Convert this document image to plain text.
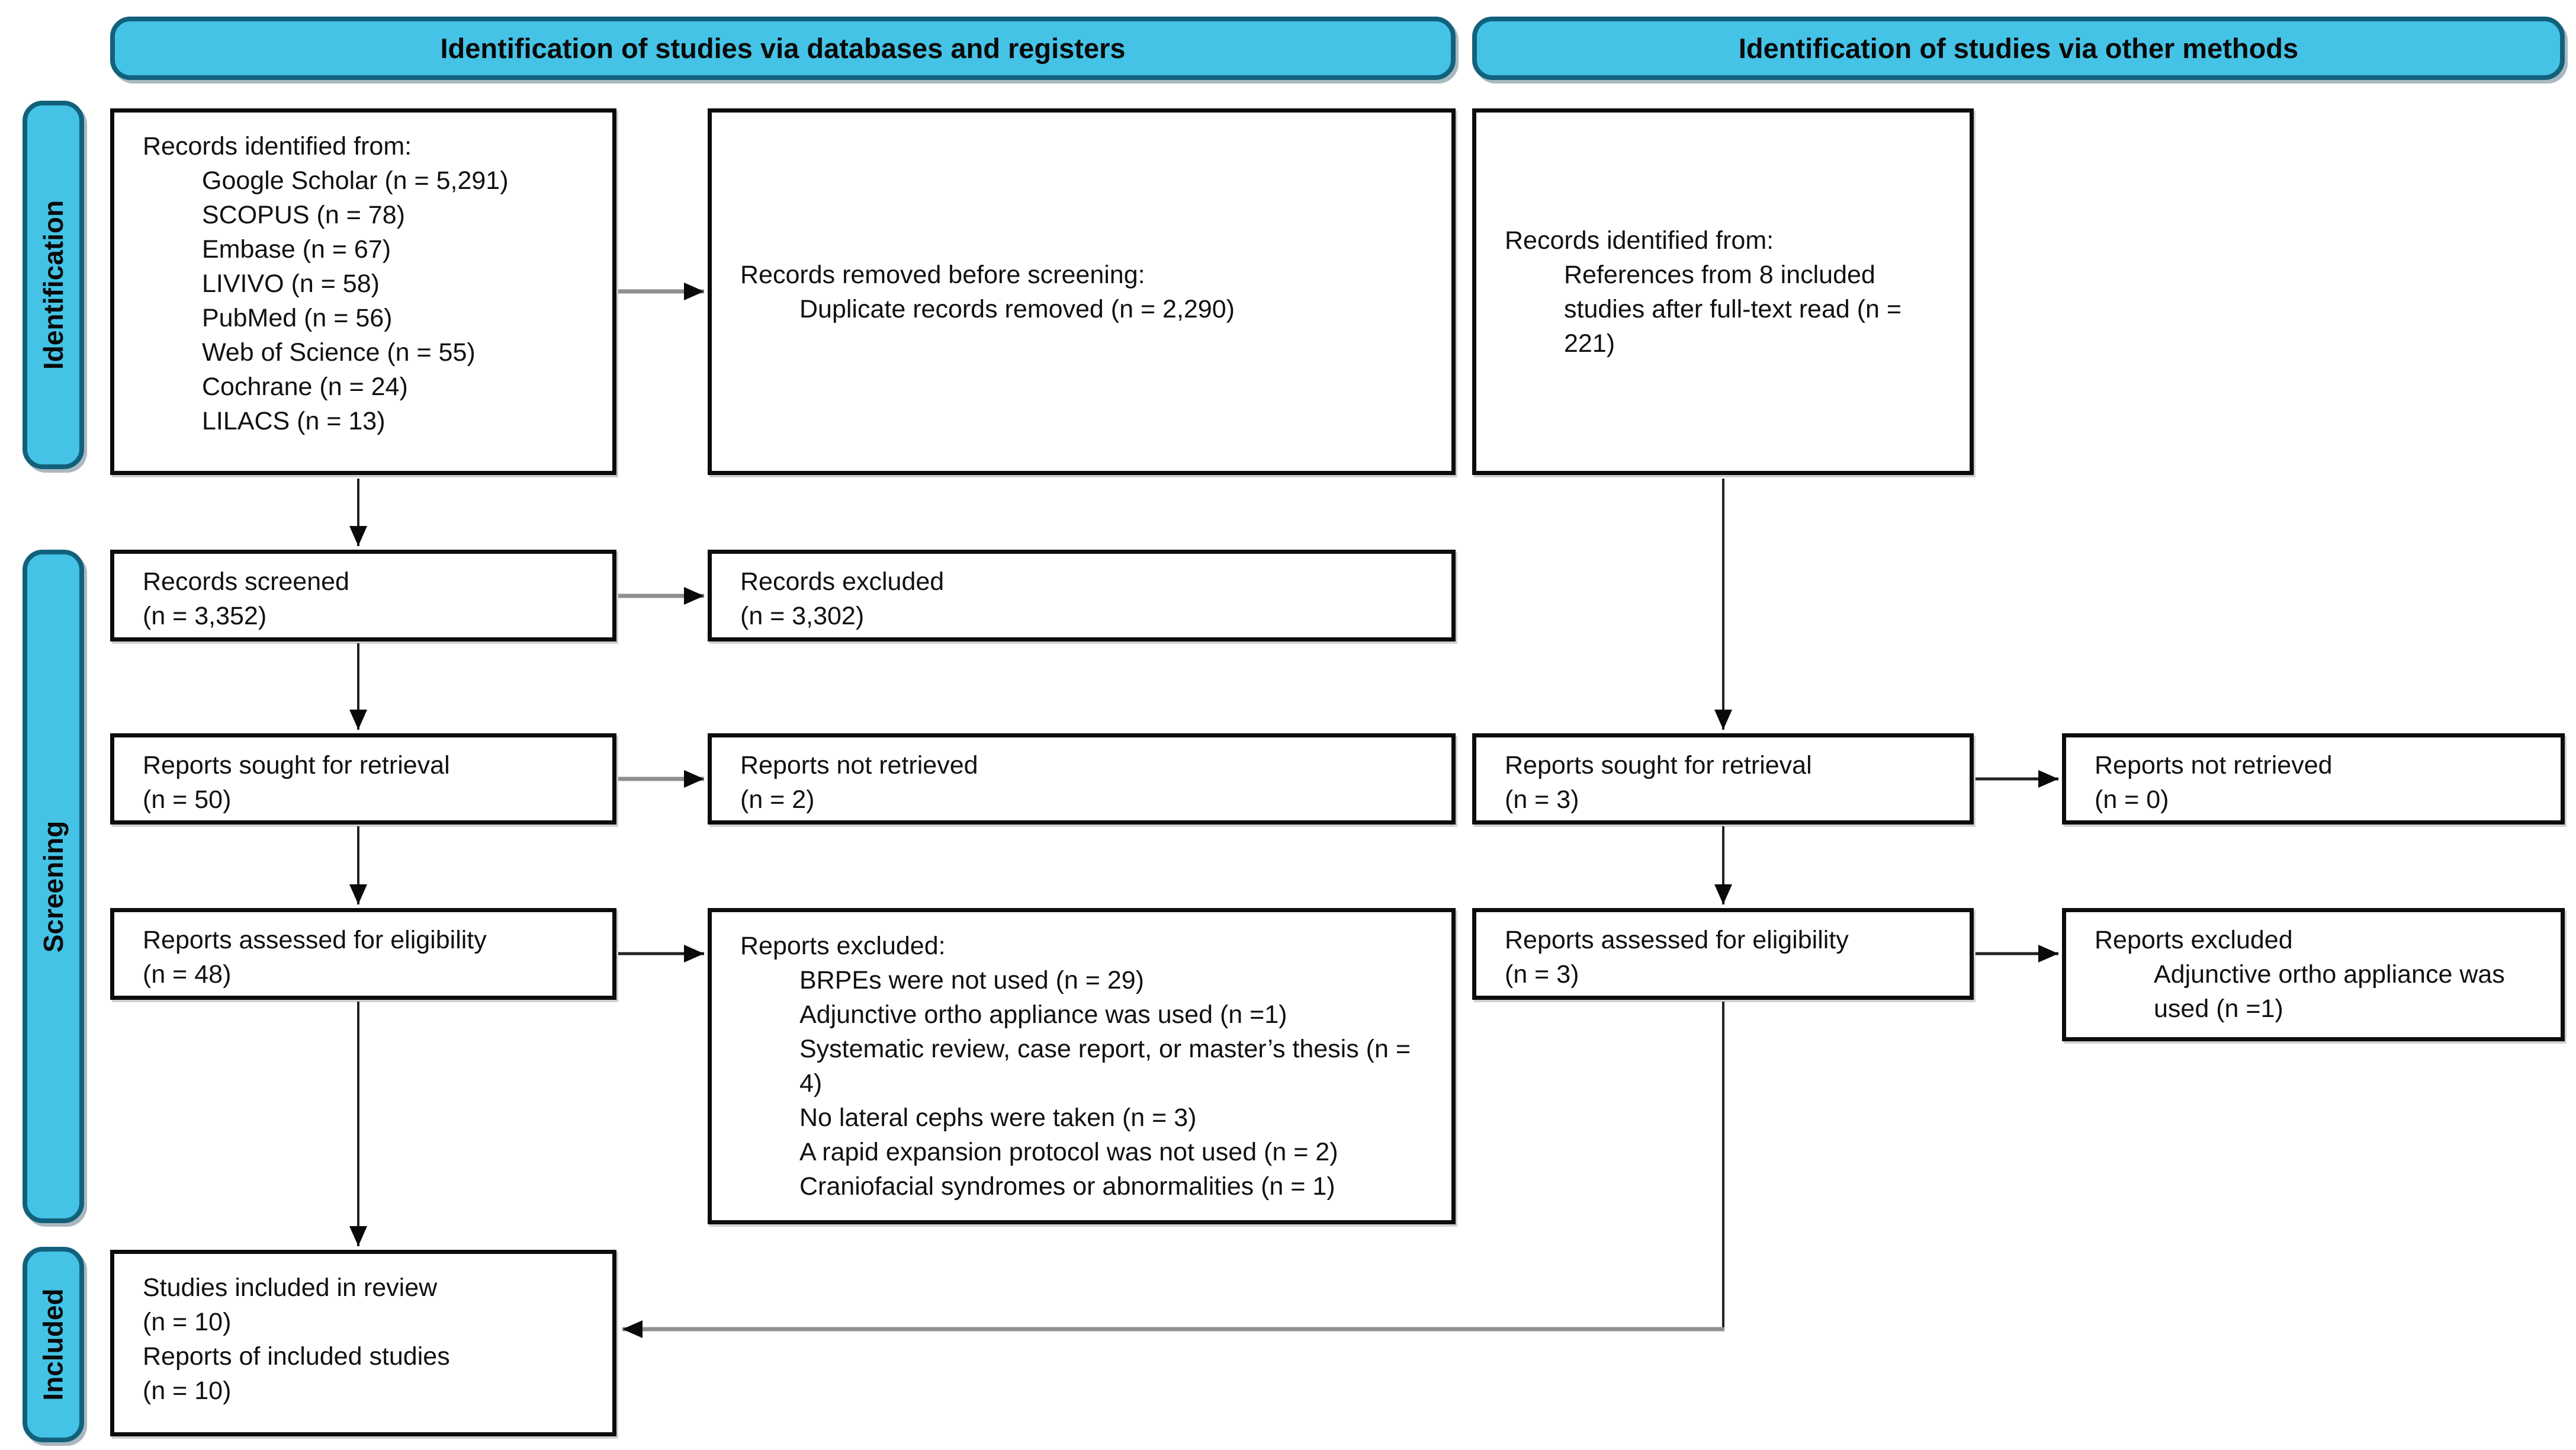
Identification of studies via databases and registers	Identification of studies via other methods
Identification
Screening
Included
Records identified from:
Google Scholar (n = 5,291)
SCOPUS (n = 78)
Embase (n = 67)
LIVIVO (n = 58)
PubMed (n = 56)
Web of Science (n = 55)
Cochrane (n = 24)
LILACS (n = 13)
Records removed before screening:
Duplicate records removed (n = 2,290)
Records identified from:
References from 8 included studies after full-text read (n = 221)
Records screened
(n = 3,352)
Records excluded
(n = 3,302)
Reports sought for retrieval
(n = 50)
Reports not retrieved
(n = 2)
Reports sought for retrieval
(n = 3)
Reports not retrieved
(n = 0)
Reports assessed for eligibility
(n = 48)
Reports excluded:
BRPEs were not used (n = 29)
Adjunctive ortho appliance was used (n =1)
Systematic review, case report, or master’s thesis (n = 4)
No lateral cephs were taken (n = 3)
A rapid expansion protocol was not used (n = 2)
Craniofacial syndromes or abnormalities (n = 1)
Reports assessed for eligibility
(n = 3)
Reports excluded
Adjunctive ortho appliance was used (n =1)
Studies included in review
(n = 10)
Reports of included studies
(n = 10)
